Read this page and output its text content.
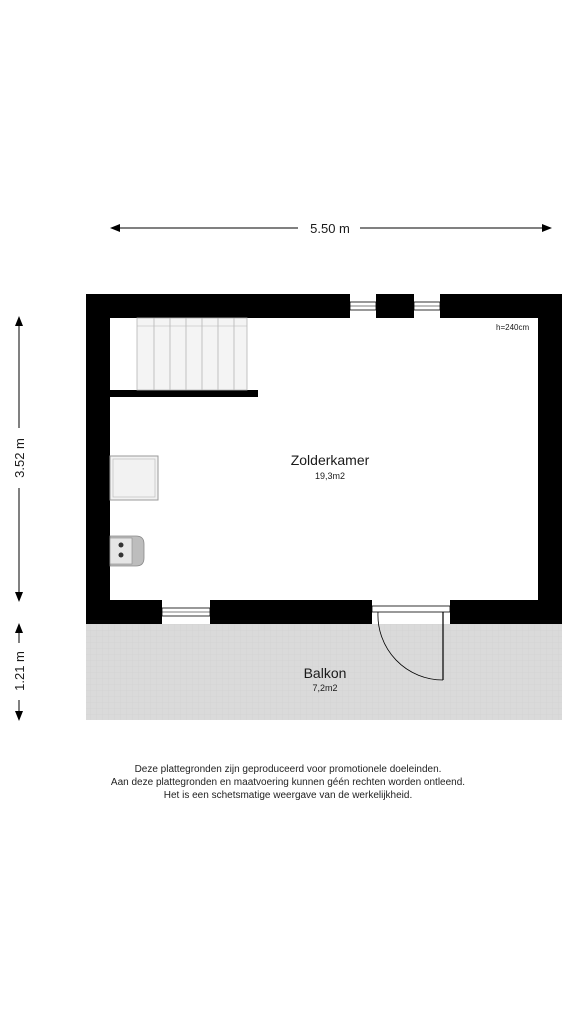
5.50 m
3.52 m
1.21 m
h=240cm
Zolderkamer
19,3m2
Balkon
7,2m2
Deze plattegronden zijn geproduceerd voor promotionele doeleinden.
Aan deze plattegronden en maatvoering kunnen géén rechten worden ontleend.
Het is een schetsmatige weergave van de werkelijkheid.
